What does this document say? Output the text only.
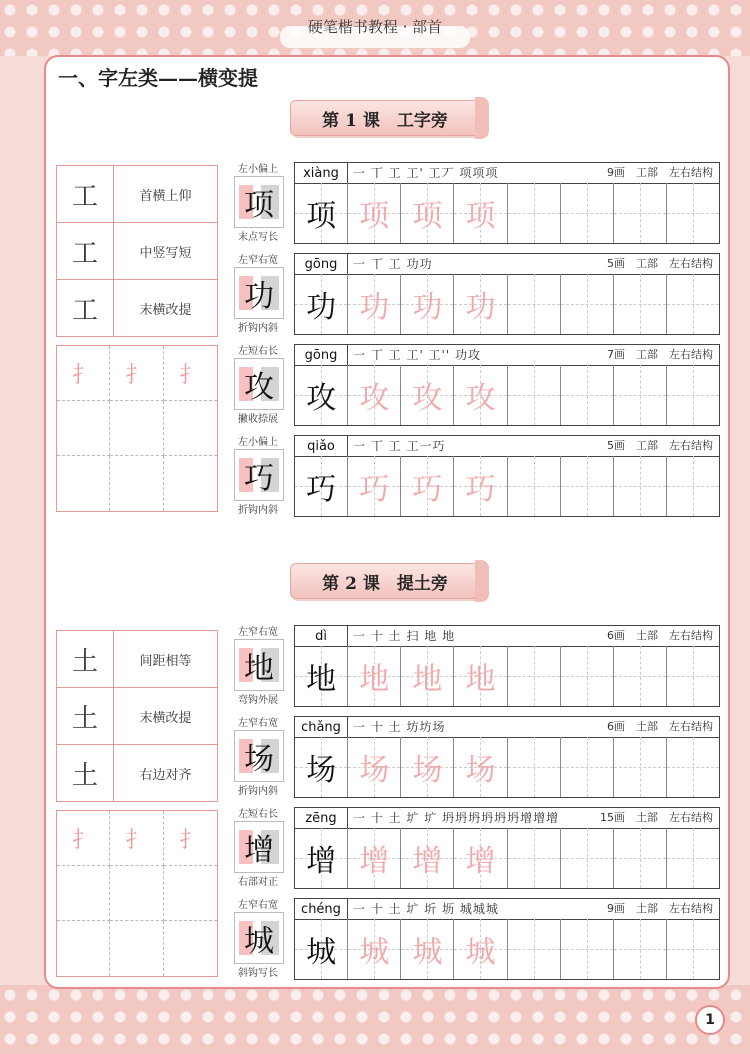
硬笔楷书教程 · 部首
一、字左类——横变提
第 1 课　工字旁
工	首横上仰
工	中竖写短
工	末横改提
扌	扌	扌
左小偏上
项
末点写长
xiàng	一 丅 工 工' 工丆 项项项	9画　工部　左右结构
项 项 项 项
左窄右宽
功
折钩内斜
gōng	一 丅 工 功功	5画　工部　左右结构
功 功 功 功
左短右长
攻
撇收捺展
gōng	一 丅 工 工' 工'' 功攻	7画　工部　左右结构
攻 攻 攻 攻
左小偏上
巧
折钩内斜
qiǎo	一 丅 工 工一巧	5画　工部　左右结构
巧 巧 巧 巧
第 2 课　提土旁
土	间距相等
土	末横改提
土	右边对齐
扌	扌	扌
左窄右宽
地
弯钩外展
dì	一 十 土 扫 地 地	6画　土部　左右结构
地 地 地 地
左窄右宽
场
折钩内斜
chǎng	一 十 土 坊坊场	6画　土部　左右结构
场 场 场 场
左短右长
增
右部对正
zēng	一 十 土 圹 圹 坍坍坍坍坍坍增增增	15画　土部　左右结构
增 增 增 增
左窄右宽
城
斜钩写长
chéng	一 十 土 圹 圻 坜 城城城	9画　土部　左右结构
城 城 城 城
1
